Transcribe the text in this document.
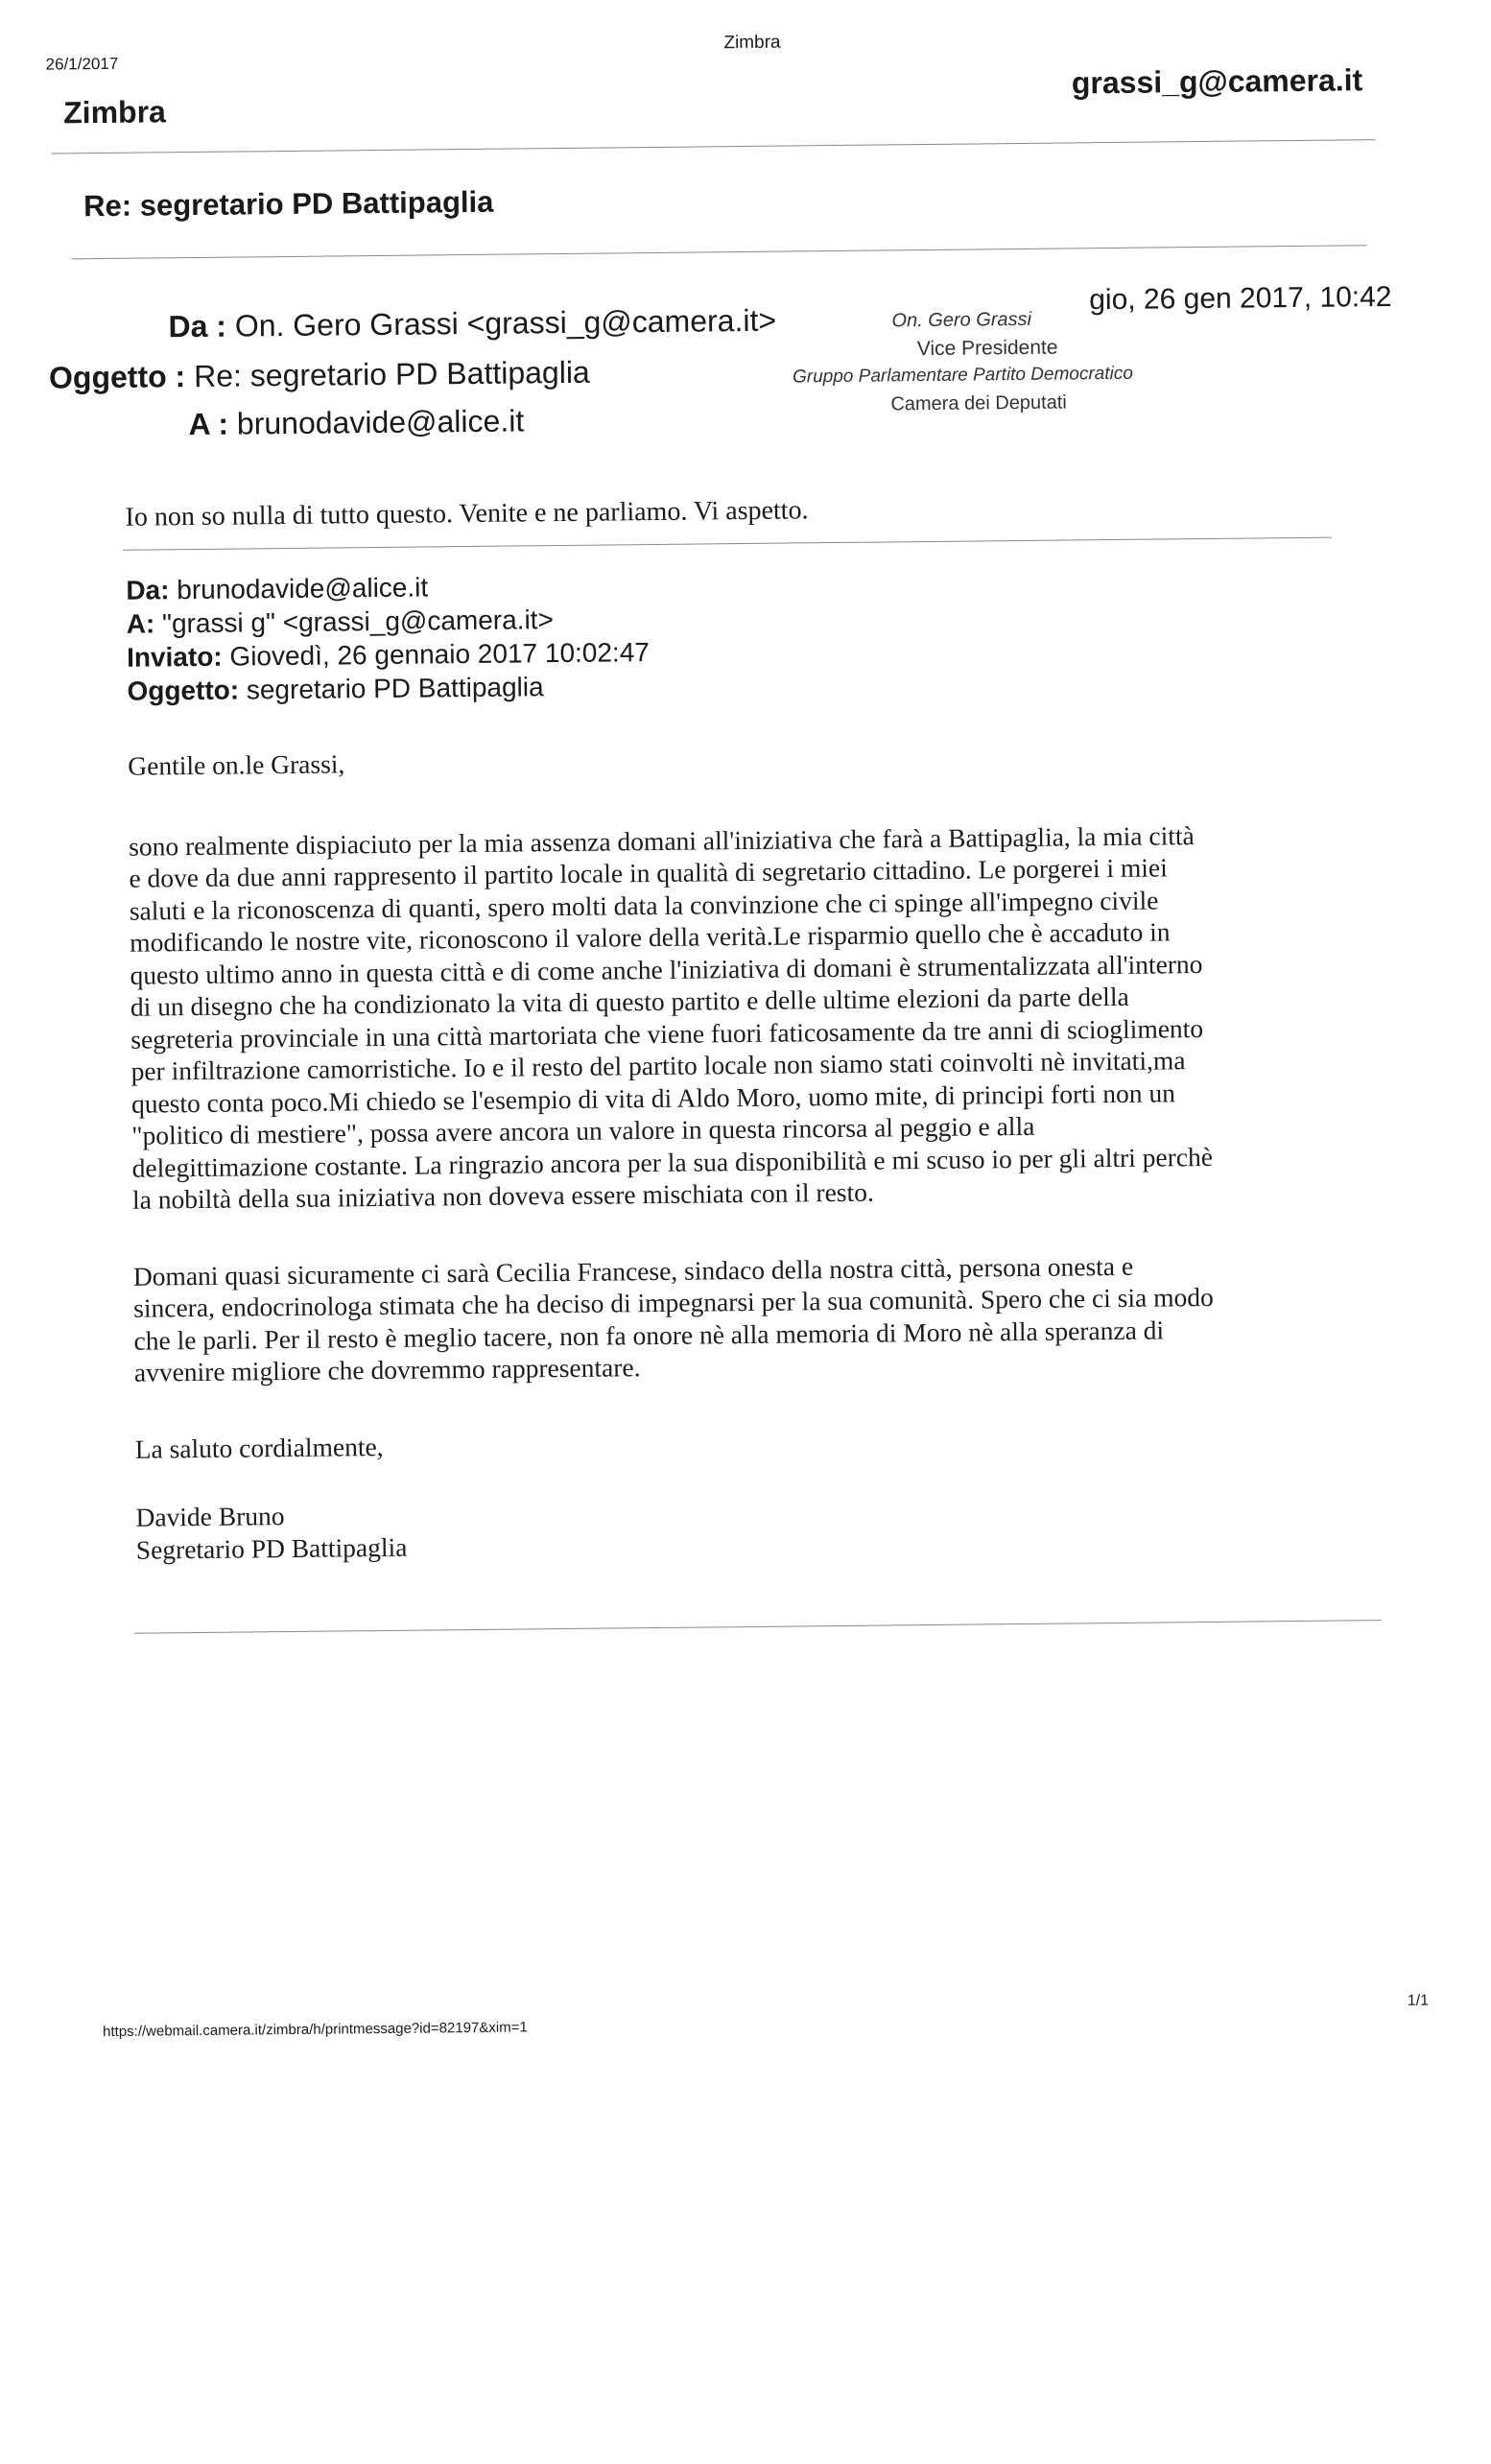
26/1/2017
Zimbra
Zimbra
grassi_g@camera.it
Re: segretario PD Battipaglia
Da : On. Gero Grassi <grassi_g@camera.it>
Oggetto : Re: segretario PD Battipaglia
A : brunodavide@alice.it
gio, 26 gen 2017, 10:42
On. Gero Grassi
Vice Presidente
Gruppo Parlamentare Partito Democratico
Camera dei Deputati
Io non so nulla di tutto questo. Venite e ne parliamo. Vi aspetto.
Da: brunodavide@alice.it
A: "grassi g" <grassi_g@camera.it>
Inviato: Giovedì, 26 gennaio 2017 10:02:47
Oggetto: segretario PD Battipaglia

Gentile on.le Grassi,

sono realmente dispiaciuto per la mia assenza domani all'iniziativa che farà a Battipaglia, la mia città
e dove da due anni rappresento il partito locale in qualità di segretario cittadino. Le porgerei i miei
saluti e la riconoscenza di quanti, spero molti data la convinzione che ci spinge all'impegno civile
modificando le nostre vite, riconoscono il valore della verità.Le risparmio quello che è accaduto in
questo ultimo anno in questa città e di come anche l'iniziativa di domani è strumentalizzata all'interno
di un disegno che ha condizionato la vita di questo partito e delle ultime elezioni da parte della
segreteria provinciale in una città martoriata che viene fuori faticosamente da tre anni di scioglimento
per infiltrazione camorristiche. Io e il resto del partito locale non siamo stati coinvolti nè invitati,ma
questo conta poco.Mi chiedo se l'esempio di vita di Aldo Moro, uomo mite, di principi forti non un
"politico di mestiere", possa avere ancora un valore in questa rincorsa al peggio e alla
delegittimazione costante. La ringrazio ancora per la sua disponibilità e mi scuso io per gli altri perchè
la nobiltà della sua iniziativa non doveva essere mischiata con il resto.

Domani quasi sicuramente ci sarà Cecilia Francese, sindaco della nostra città, persona onesta e
sincera, endocrinologa stimata che ha deciso di impegnarsi per la sua comunità. Spero che ci sia modo
che le parli. Per il resto è meglio tacere, non fa onore nè alla memoria di Moro nè alla speranza di
avvenire migliore che dovremmo rappresentare.

La saluto cordialmente,

Davide Bruno

Segretario PD Battipaglia

https://webmail.camera.it/zimbra/h/printmessage?id=82197&xim=1
1/1
